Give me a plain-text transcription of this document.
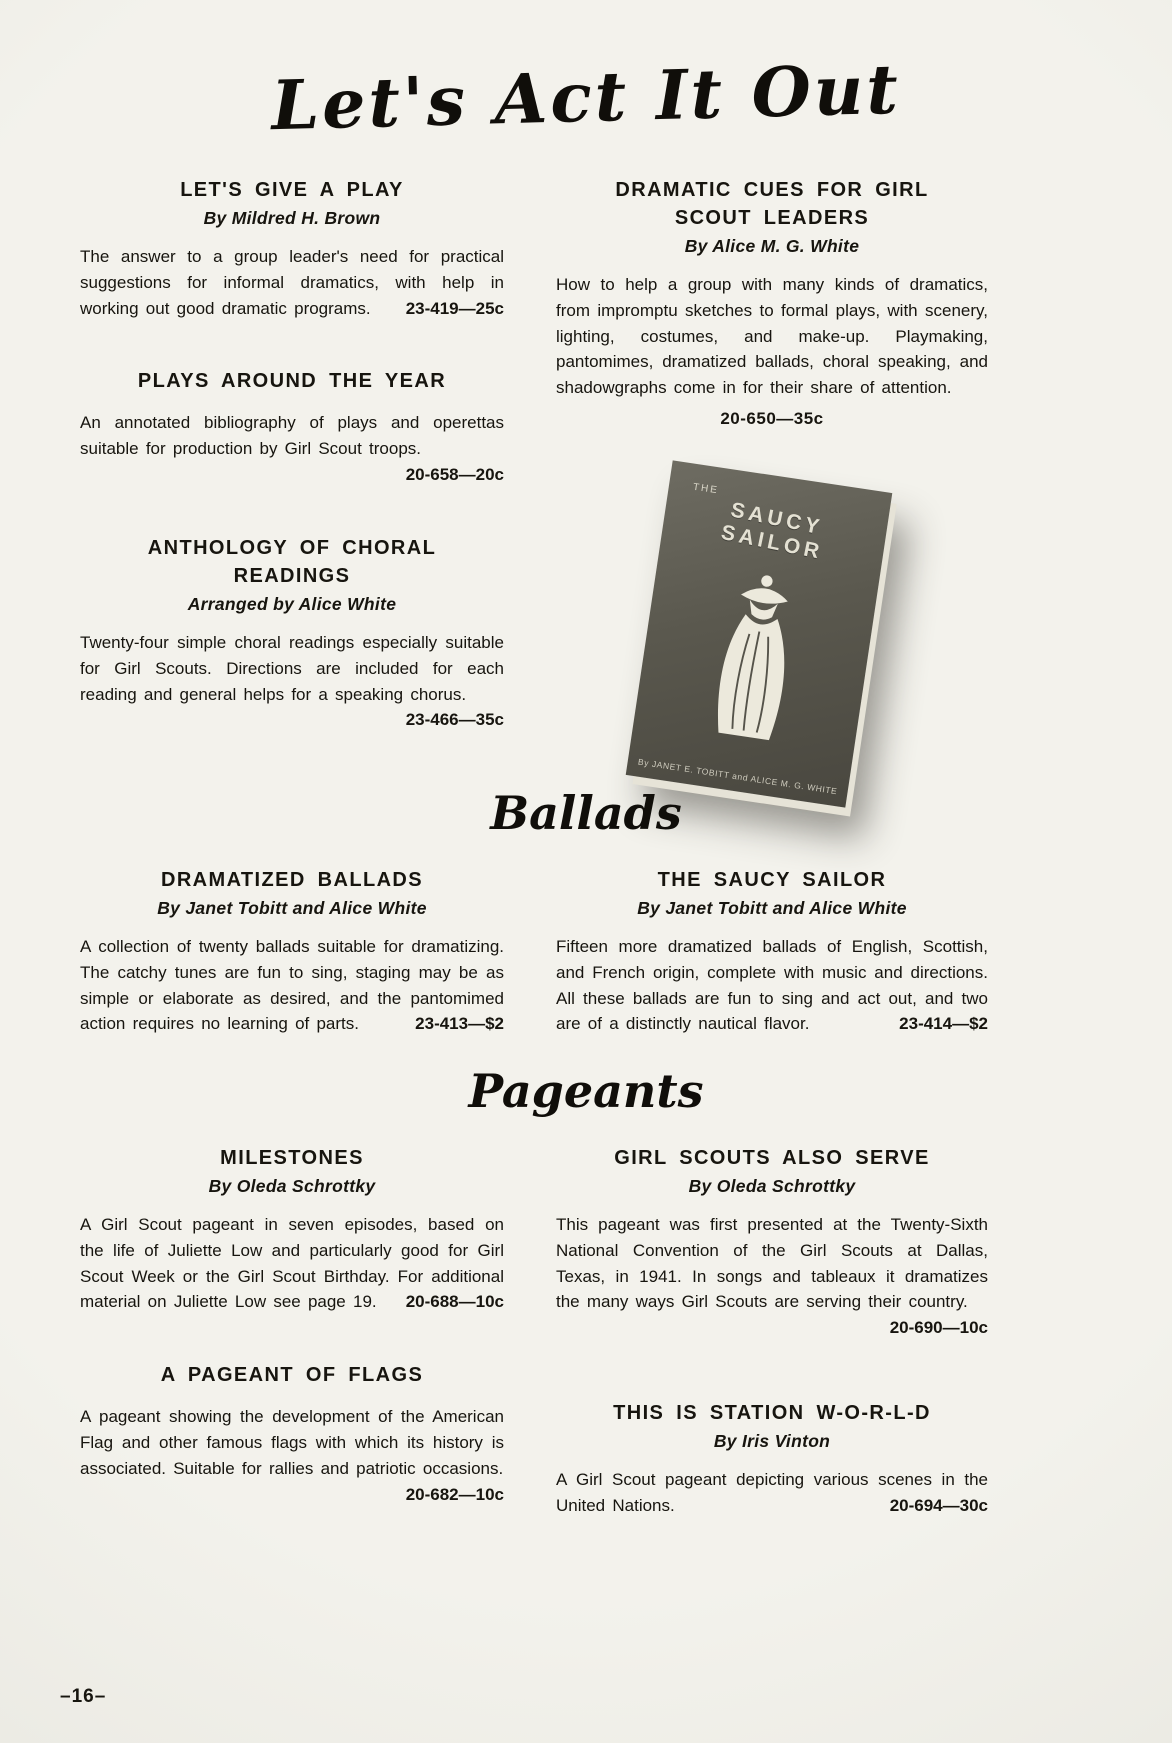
Let's Act It Out
LET'S GIVE A PLAY
By Mildred H. Brown

The answer to a group leader's need for practical suggestions for informal dramatics, with help in working out good dramatic programs.	23-419—25c

PLAYS AROUND THE YEAR

An annotated bibliography of plays and operettas suitable for production by Girl Scout troops.
20-658—20c

ANTHOLOGY OF CHORAL READINGS
Arranged by Alice White

Twenty-four simple choral readings especially suitable for Girl Scouts. Directions are included for each reading and general helps for a speaking chorus.
23-466—35c

DRAMATIC CUES FOR GIRL SCOUT LEADERS
By Alice M. G. White

How to help a group with many kinds of dramatics, from impromptu sketches to formal plays, with scenery, lighting, costumes, and make-up. Playmaking, pantomimes, dramatized ballads, choral speaking, and shadowgraphs come in for their share of attention.

20-650—35c
THE
SAUCY SAILOR
By JANET E. TOBITT and ALICE M. G. WHITE
Ballads
DRAMATIZED BALLADS
By Janet Tobitt and Alice White

A collection of twenty ballads suitable for dramatizing. The catchy tunes are fun to sing, staging may be as simple or elaborate as desired, and the pantomimed action requires no learning of parts.	23-413—$2

THE SAUCY SAILOR
By Janet Tobitt and Alice White

Fifteen more dramatized ballads of English, Scottish, and French origin, complete with music and directions. All these ballads are fun to sing and act out, and two are of a distinctly nautical flavor.	23-414—$2

Pageants
MILESTONES
By Oleda Schrottky

A Girl Scout pageant in seven episodes, based on the life of Juliette Low and particularly good for Girl Scout Week or the Girl Scout Birthday. For additional material on Juliette Low see page 19.	20-688—10c

A PAGEANT OF FLAGS

A pageant showing the development of the American Flag and other famous flags with which its history is associated. Suitable for rallies and patriotic occasions.
20-682—10c

GIRL SCOUTS ALSO SERVE
By Oleda Schrottky

This pageant was first presented at the Twenty-Sixth National Convention of the Girl Scouts at Dallas, Texas, in 1941. In songs and tableaux it dramatizes the many ways Girl Scouts are serving their country.
20-690—10c

THIS IS STATION W-O-R-L-D
By Iris Vinton

A Girl Scout pageant depicting various scenes in the United Nations.	20-694—30c

–16–
